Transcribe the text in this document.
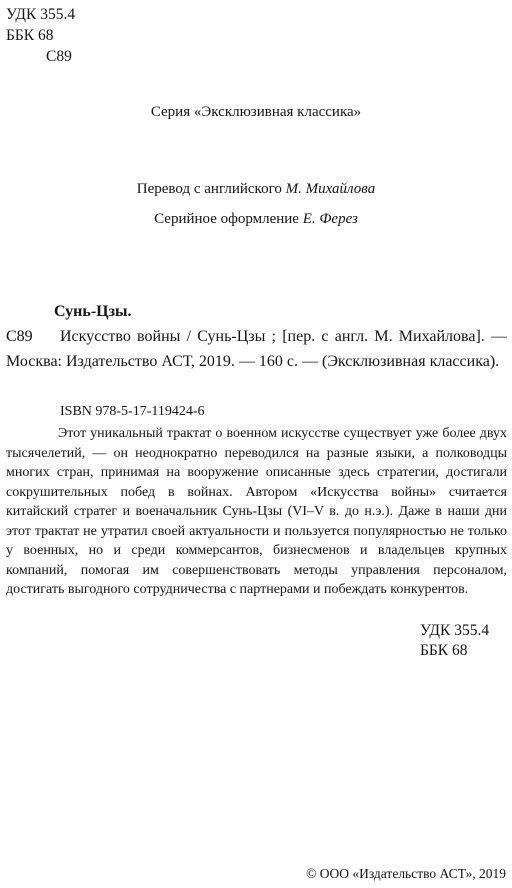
УДК 355.4
ББК 68
С89
Серия «Эксклюзивная классика»
Перевод с английского М. Михайлова
Серийное оформление Е. Ферез
Сунь-Цзы.
С89	Искусство войны / Сунь-Цзы ; [пер. с англ. М. Михайлова]. — Москва: Издательство АСТ, 2019. — 160 с. — (Эксклюзивная классика).
ISBN 978-5-17-119424-6
Этот уникальный трактат о военном искусстве существует уже более двух тысячелетий, — он неоднократно переводился на разные языки, а полководцы многих стран, принимая на вооружение описанные здесь стратегии, достигали сокрушительных побед в войнах. Автором «Искусства войны» считается китайский стратег и военачальник Сунь-Цзы (VI–V в. до н.э.). Даже в наши дни этот трактат не утратил своей актуальности и пользуется популярностью не только у военных, но и среди коммерсантов, бизнесменов и владельцев крупных компаний, помогая им совершенствовать методы управления персоналом, достигать выгодного сотрудничества с партнерами и побеждать конкурентов.
УДК 355.4
ББК 68
© ООО «Издательство АСТ», 2019
